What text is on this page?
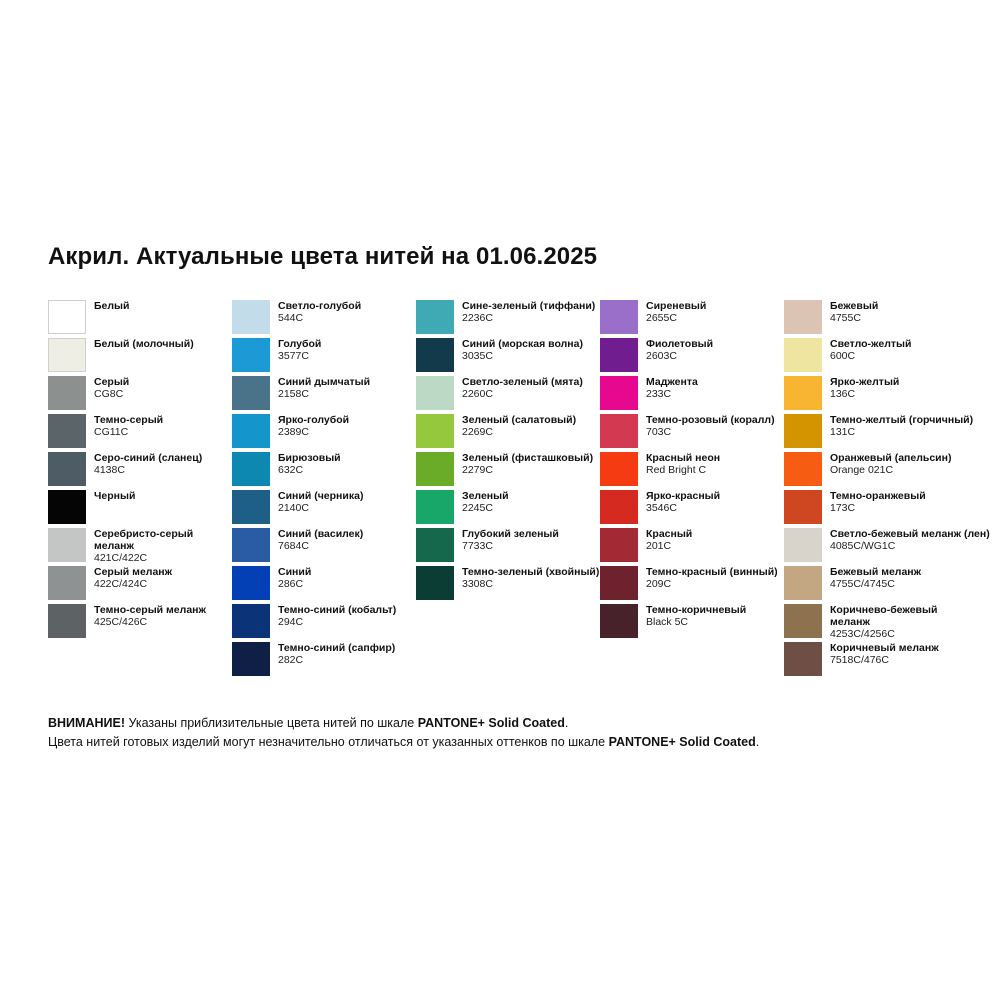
Акрил. Актуальные цвета нитей на 01.06.2025
Белый
Белый (молочный)
Серый
CG8C
Темно-серый
CG11C
Серо-синий (сланец)
4138C
Черный
Серебристо-серый меланж
421C/422C
Серый меланж
422C/424C
Темно-серый меланж
425C/426C
Светло-голубой
544C
Голубой
3577C
Синий дымчатый
2158C
Ярко-голубой
2389C
Бирюзовый
632C
Синий (черника)
2140C
Синий (василек)
7684C
Синий
286C
Темно-синий (кобальт)
294C
Темно-синий (сапфир)
282C
Сине-зеленый (тиффани)
2236C
Синий (морская волна)
3035C
Светло-зеленый (мята)
2260C
Зеленый (салатовый)
2269C
Зеленый (фисташковый)
2279C
Зеленый
2245C
Глубокий зеленый
7733C
Темно-зеленый (хвойный)
3308C
Сиреневый
2655C
Фиолетовый
2603C
Маджента
233C
Темно-розовый (коралл)
703C
Красный неон
Red Bright C
Ярко-красный
3546C
Красный
201C
Темно-красный (винный)
209C
Темно-коричневый
Black 5C
Бежевый
4755C
Светло-желтый
600C
Ярко-желтый
136C
Темно-желтый (горчичный)
131C
Оранжевый (апельсин)
Orange 021C
Темно-оранжевый
173C
Светло-бежевый меланж (лен)
4085C/WG1C
Бежевый меланж
4755C/4745C
Коричнево-бежевый меланж
4253C/4256C
Коричневый меланж
7518C/476C
ВНИМАНИЕ! Указаны приблизительные цвета нитей по шкале PANTONE+ Solid Coated.
Цвета нитей готовых изделий могут незначительно отличаться от указанных оттенков по шкале PANTONE+ Solid Coated.
